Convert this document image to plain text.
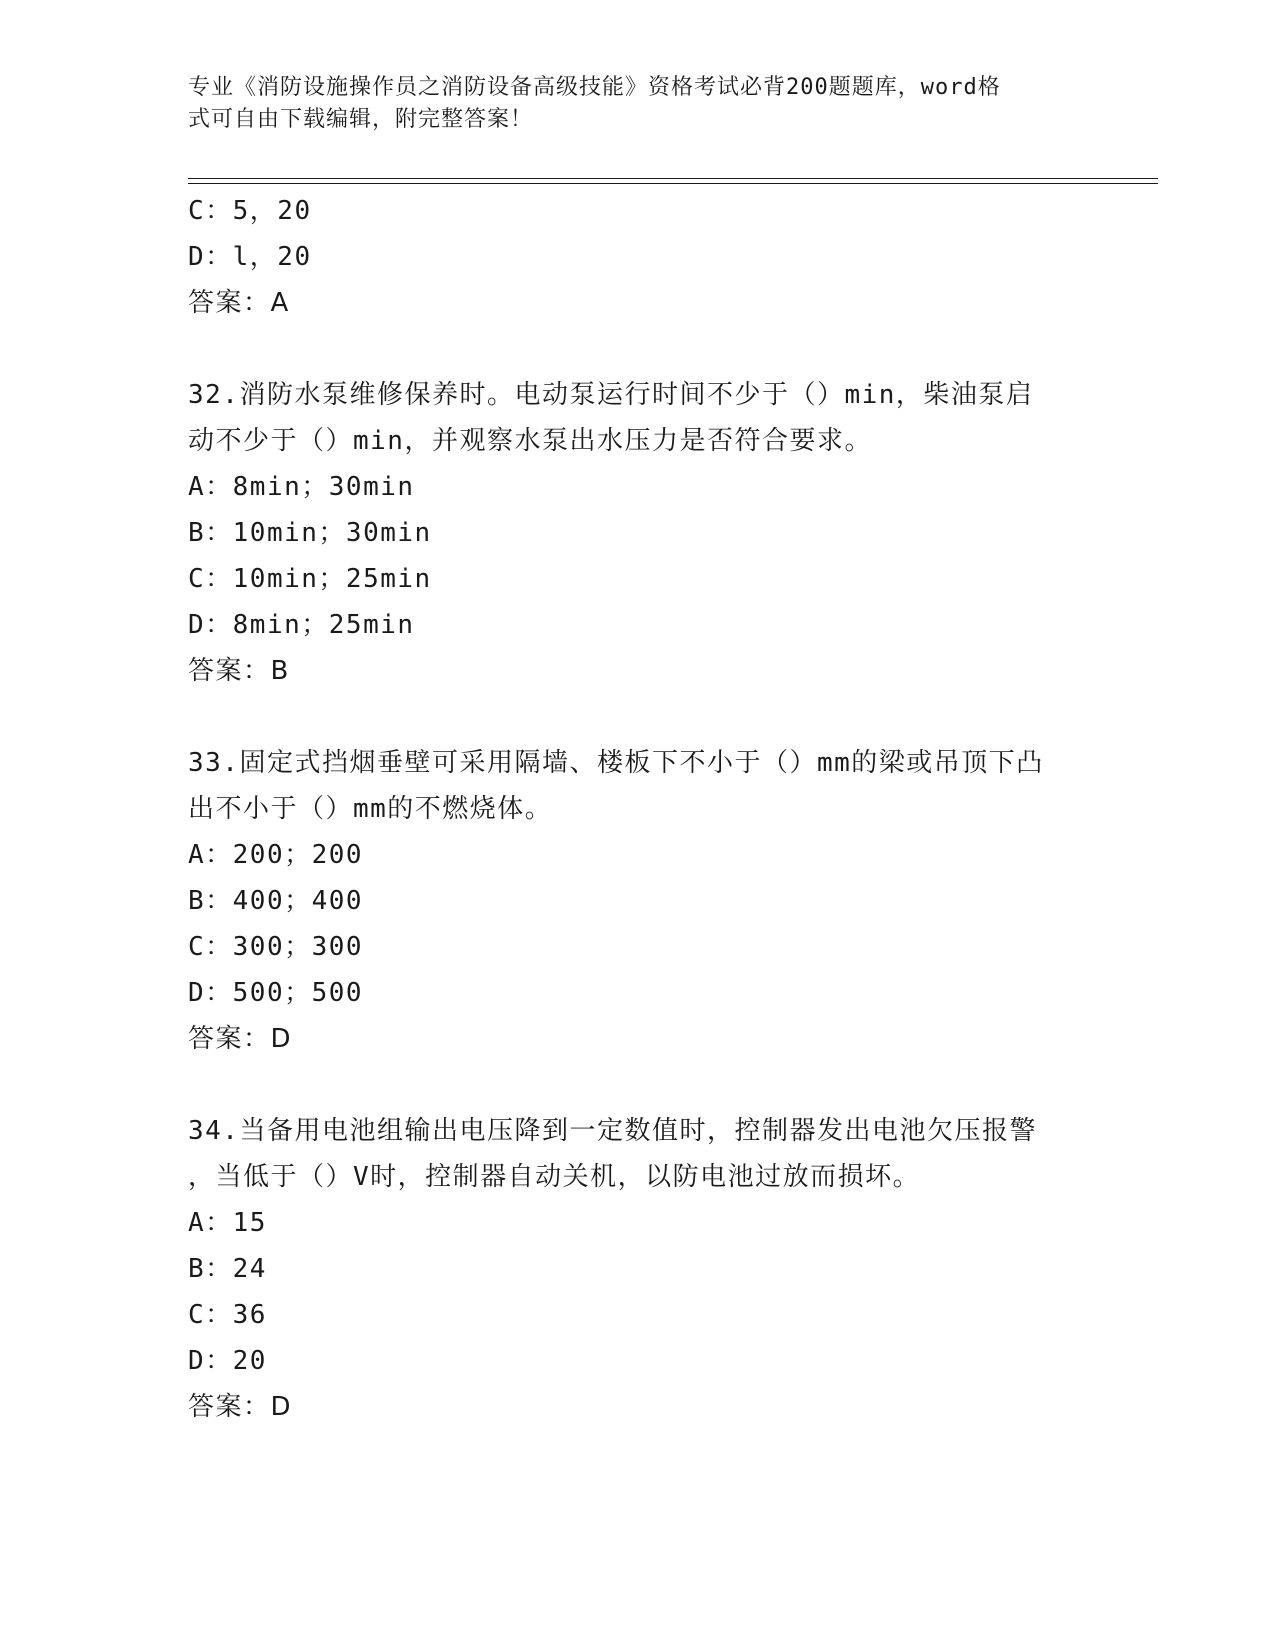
专业《消防设施操作员之消防设备高级技能》资格考试必背200题题库，word格
式可自由下载编辑，附完整答案！
C：5，20
D：l，20
答案：A
32.消防水泵维修保养时。电动泵运行时间不少于（）min，柴油泵启
动不少于（）min，并观察水泵出水压力是否符合要求。
A：8min；30min
B：10min；30min
C：10min；25min
D：8min；25min
答案：B
33.固定式挡烟垂壁可采用隔墙、楼板下不小于（）mm的梁或吊顶下凸
出不小于（）mm的不燃烧体。
A：200；200
B：400；400
C：300；300
D：500；500
答案：D
34.当备用电池组输出电压降到一定数值时，控制器发出电池欠压报警
，当低于（）V时，控制器自动关机，以防电池过放而损坏。
A：15
B：24
C：36
D：20
答案：D
